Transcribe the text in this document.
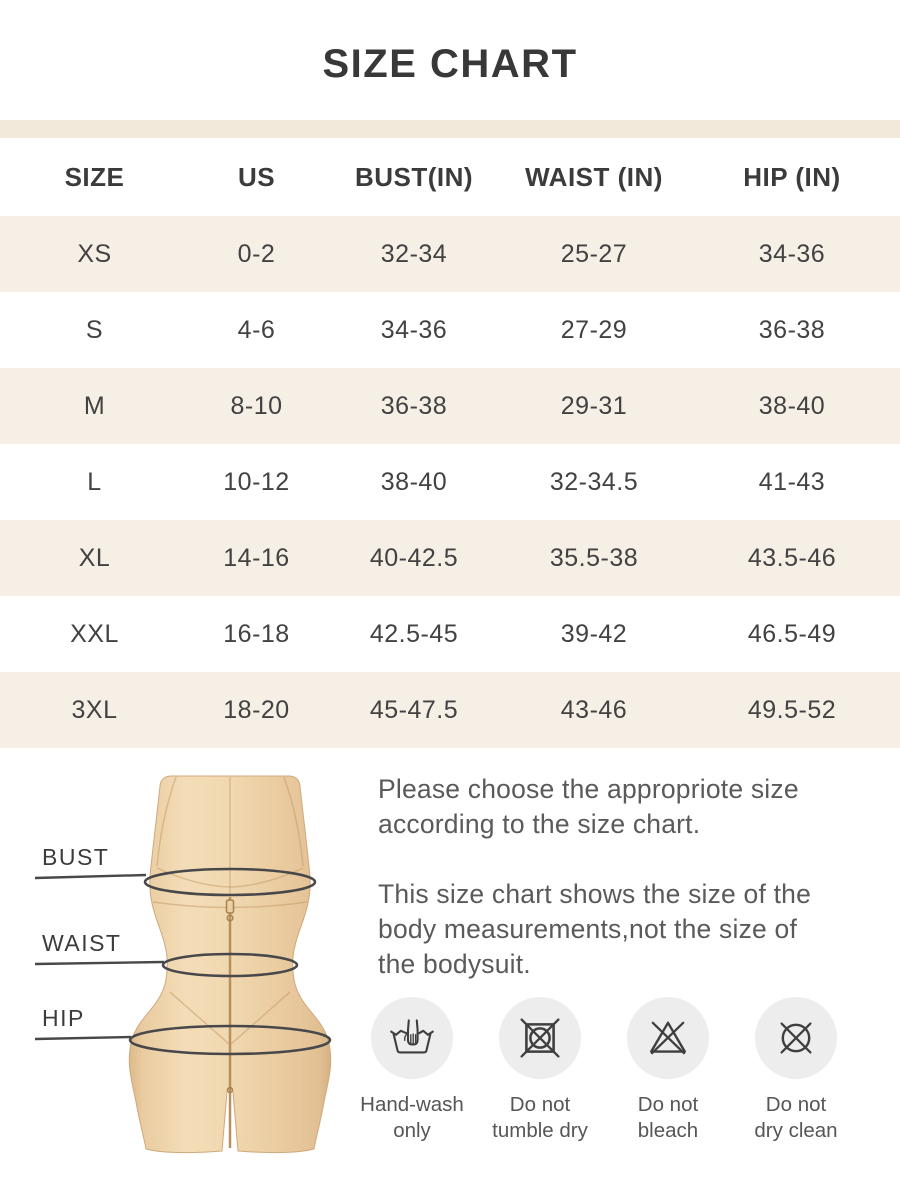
SIZE CHART
SIZE	US	BUST(IN)	WAIST (IN)	HIP (IN)
XS	0-2	32-34	25-27	34-36
S	4-6	34-36	27-29	36-38
M	8-10	36-38	29-31	38-40
L	10-12	38-40	32-34.5	41-43
XL	14-16	40-42.5	35.5-38	43.5-46
XXL	16-18	42.5-45	39-42	46.5-49
3XL	18-20	45-47.5	43-46	49.5-52
BUST
WAIST
HIP

Please choose the appropriote size
according to the size chart.

This size chart shows the size of the
body measurements,not the size of
the bodysuit.

Hand-wash
only
Do not
tumble dry
Do not
bleach
Do not
dry clean
